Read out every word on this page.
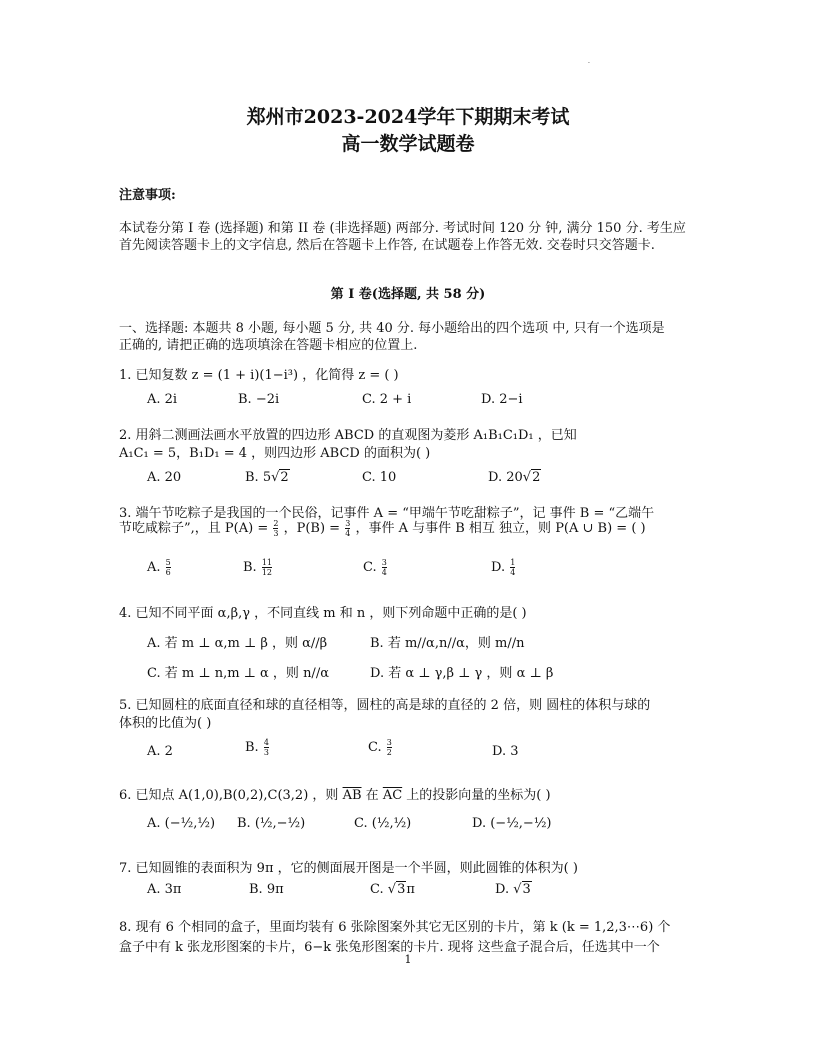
.
郑州市2023-2024学年下期期末考试
高一数学试题卷
注意事项:
本试卷分第 I 卷 (选择题) 和第 II 卷 (非选择题) 两部分. 考试时间 120 分 钟, 满分 150 分. 考生应
首先阅读答题卡上的文字信息, 然后在答题卡上作答, 在试题卷上作答无效. 交卷时只交答题卡.
第 I 卷(选择题, 共 58 分)
一、选择题: 本题共 8 小题, 每小题 5 分, 共 40 分. 每小题给出的四个选项 中, 只有一个选项是
正确的, 请把正确的选项填涂在答题卡相应的位置上.
1. 已知复数 z = (1 + i)(1−i³) ，化简得 z = ( )
A. 2i	B. −2i	C. 2 + i	D. 2−i
2. 用斜二测画法画水平放置的四边形 ABCD 的直观图为菱形 A₁B₁C₁D₁ ，已知
A₁C₁ = 5，B₁D₁ = 4 ，则四边形 ABCD 的面积为( )
A. 20	B. 5√2	C. 10	D. 20√2
3. 端午节吃粽子是我国的一个民俗，记事件 A = “甲端午节吃甜粽子”，记 事件 B = “乙端午
节吃咸粽子”,，且 $P(A) = \frac{2}{3}$ ，$P(B) = \frac{3}{4}$ ，事件 A 与事件 B 相互 独立，则 P(A ∪ B) = ( )
A. $\frac{5}{6}$	B. $\frac{11}{12}$	C. $\frac{3}{4}$	D. $\frac{1}{4}$
4. 已知不同平面 α,β,γ ，不同直线 m 和 n ，则下列命题中正确的是( )
A. 若 m ⊥ α,m ⊥ β ，则 α//β	B. 若 m//α,n//α，则 m//n
C. 若 m ⊥ n,m ⊥ α ，则 n//α	D. 若 α ⊥ γ,β ⊥ γ ，则 α ⊥ β
5. 已知圆柱的底面直径和球的直径相等，圆柱的高是球的直径的 2 倍，则 圆柱的体积与球的
体积的比值为( )
A. 2	B. $\frac{4}{3}$	C. $\frac{3}{2}$	D. 3
6. 已知点 A(1,0),B(0,2),C(3,2) ，则 $\overline{AB}$ 在 $\overline{AC}$ 上的投影向量的坐标为( )
A. (−½,½) B. (½,−½)	C. (½,½)	D. (−½,−½)
7. 已知圆锥的表面积为 9π ，它的侧面展开图是一个半圆，则此圆锥的体积为( )
A. 3π	B. 9π	C. √3π	D. √3
8. 现有 6 个相同的盒子，里面均装有 6 张除图案外其它无区别的卡片，第 k (k = 1,2,3⋯6) 个
盒子中有 k 张龙形图案的卡片，6−k 张兔形图案的卡片. 现将 这些盒子混合后，任选其中一个
1
